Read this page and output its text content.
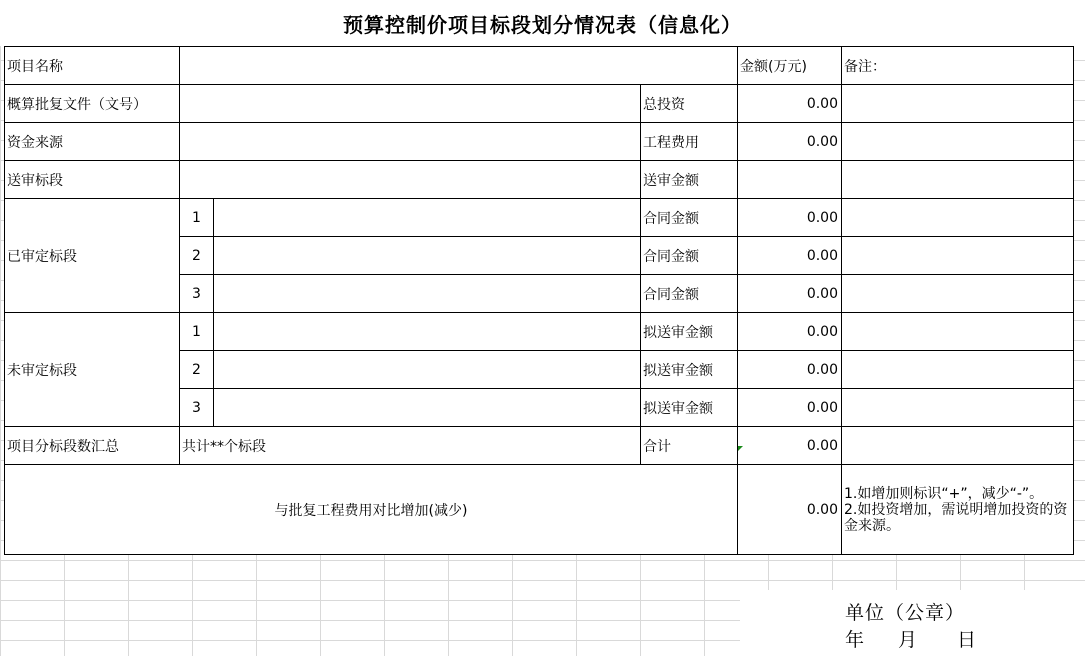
预算控制价项目标段划分情况表（信息化）
项目名称				金额(万元)	备注：
概算批复文件（文号）			总投资	0.00	
资金来源			工程费用	0.00	
送审标段			送审金额		
已审定标段	1		合同金额	0.00	
	2		合同金额	0.00	
	3		合同金额	0.00	
未审定标段	1		拟送审金额	0.00	
	2		拟送审金额	0.00	
	3		拟送审金额	0.00	
项目分标段数汇总	共计**个标段		合计	0.00	
与批复工程费用对比增加(减少)				0.00	1.如增加则标识“+”，减少“-”。
2.如投资增加，需说明增加投资的资金来源。
单位（公章）
年 月 日
